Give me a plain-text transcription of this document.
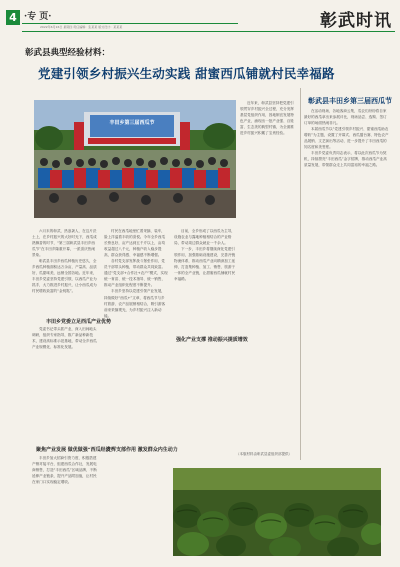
4 ·专 页·
2022年6月16日 星期四 责任编辑：张某某 版式设计：某某某	彰武时讯
彰武县典型经验材料：
党建引领乡村振兴生动实践 甜蜜西瓜铺就村民幸福路
丰田乡第三届西瓜节

六月末的彰武，热浪袭人，在这片沃土上，在乡村振兴的大好时光下，西瓜成熟飘香的时节，“第三届彰武县丰田乡西瓜节”在丰田乡隆重开幕，一派喜庆热闹景象。

彰武县丰田乡西瓜种植历史悠久，全乡西瓜种植面积达万余亩，产量高、品质好，瓜甜味美，远销全国各地。近年来，丰田乡党委坚持党建引领，以西瓜产业为抓手，大力推进乡村振兴，让小西瓜成为村民增收致富的“金钥匙”。

丰田乡党委立足西瓜产业优势

党委书记带头抓产业，深入田间地头调研，组织专家指导，推广新品种新技术，建设高标准示范基地，带动全乡西瓜产业规模化、标准化发展。

聚焦产业发展 做优做强“西瓜经济”

丰田乡加大招商引资力度，积极搭建产销对接平台，组建西瓜合作社，发展电商销售，打造“丰田西瓜”区域品牌，不断延伸产业链条，提升产品附加值，让村民在家门口实现稳定增收。

村民在西瓜地里忙着采摘、装车，脸上洋溢着丰收的喜悦。今年全乡西瓜长势良好，亩产达到五千斤以上，亩均收益超过八千元，种植户收入稳步提高，群众获得感、幸福感不断增强。

各村党支部发挥战斗堡垒作用，党员干部带头种植，带动群众共同致富。通过“党支部+合作社+农户”模式，实现统一育苗、统一技术指导、统一销售，推动产业组织化程度不断提升。

丰田乡坚持以党建引领产业发展，持续做好“西瓜+”文章，将西瓜节与乡村旅游、农产品展销相结合，吸引游客前来采摘观光，为乡村振兴注入新动能。

发挥支部作用 激发群众内生动力

目前，全乡形成了以西瓜为主导，设施农业与露地种植相结合的产业格局，带动周边群众就业一千余人。

下一步，丰田乡将继续深化党建引领作用，加强基础设施建设，完善冷链物流体系，推动西瓜产业向精深加工延伸，打造集种植、加工、销售、旅游于一体的全产业链，让甜蜜西瓜铺就村民幸福路。

强化产业支撑 推动振兴提质增效

近年来，彰武县坚持把党建引领贯穿乡村振兴全过程，充分发挥基层党组织作用，因地制宜发展特色产业，涌现出一批产业强、百姓富、生态美的典型村镇，为全面推进乡村振兴积累了宝贵经验。

（本版材料由彰武县委组织部提供）
彰武县丰田乡第三届西瓜节

在活动现场，各地客商云集，瓜农们纷纷将自家最好的西瓜拿出来参展评比，现场品尝、选购、签订订单的场面热闹非凡。

本届西瓜节以“党建引领乡村振兴、甜蜜西瓜助农增收”为主题，设置了开幕式、西瓜擂台赛、特色农产品展销、文艺演出等活动，进一步提升了丰田西瓜的知名度和美誉度。

丰田乡党委负责同志表示，将以此次西瓜节为契机，持续擦亮“丰田西瓜”金字招牌，推动西瓜产业高质量发展，带领群众走上共同富裕的幸福之路。
